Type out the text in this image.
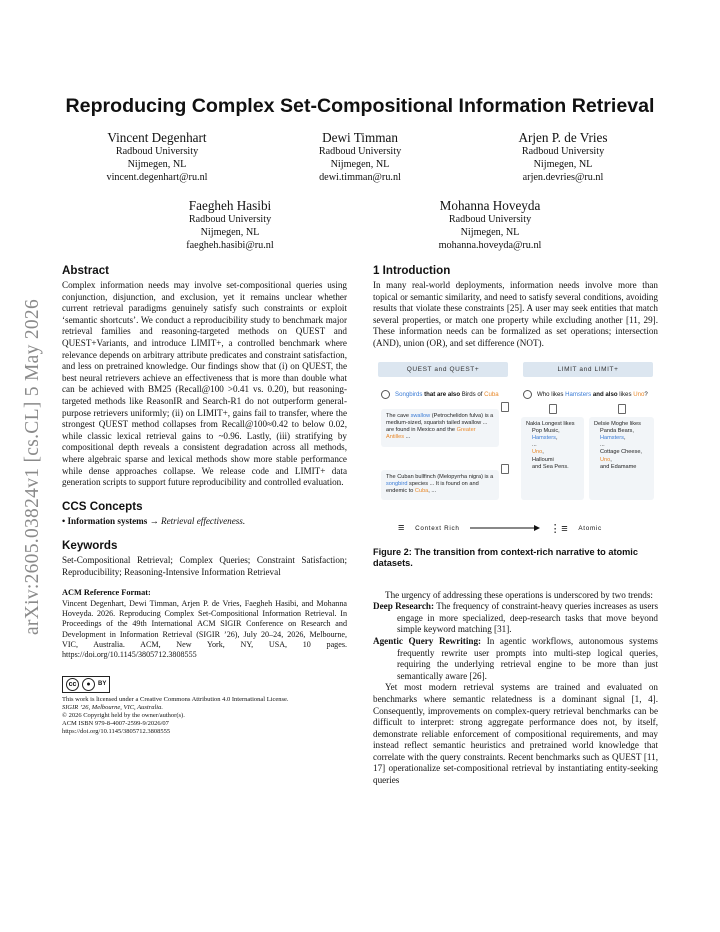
arXiv:2605.03824v1 [cs.CL] 5 May 2026
Reproducing Complex Set-Compositional Information Retrieval
Vincent Degenhart
Radboud University
Nijmegen, NL
vincent.degenhart@ru.nl
Dewi Timman
Radboud University
Nijmegen, NL
dewi.timman@ru.nl
Arjen P. de Vries
Radboud University
Nijmegen, NL
arjen.devries@ru.nl
Faegheh Hasibi
Radboud University
Nijmegen, NL
faegheh.hasibi@ru.nl
Mohanna Hoveyda
Radboud University
Nijmegen, NL
mohanna.hoveyda@ru.nl
Abstract

Complex information needs may involve set-compositional queries using conjunction, disjunction, and exclusion, yet it remains unclear whether current retrieval paradigms genuinely satisfy such constraints or exploit ‘semantic shortcuts’. We conduct a reproducibility study to benchmark major retrieval families and reasoning-targeted methods on QUEST and QUEST+Variants, and introduce LIMIT+, a controlled benchmark where relevance depends on arbitrary attribute predicates and constraint satisfaction, and less on pretrained knowledge. Our findings show that (i) on QUEST, the best neural retrievers achieve an effectiveness that is more than double what can be achieved with BM25 (Recall@100 >0.41 vs. 0.20), but reasoning-targeted methods like ReasonIR and Search-R1 do not outperform general-purpose retrievers uniformly; (ii) on LIMIT+, gains fail to transfer, where the strongest QUEST method collapses from Recall@100≈0.42 to below 0.02, while classic lexical retrieval gains to ~0.96. Lastly, (iii) stratifying by compositional depth reveals a consistent degradation across all methods, where algebraic sparse and lexical methods show more stable performance while dense approaches collapse. We release code and LIMIT+ data generation scripts to support future reproducibility and controlled evaluation.

CCS Concepts
• Information systems → Retrieval effectiveness.
Keywords

Set-Compositional Retrieval; Complex Queries; Constraint Satisfaction; Reproducibility; Reasoning-Intensive Information Retrieval

ACM Reference Format:
Vincent Degenhart, Dewi Timman, Arjen P. de Vries, Faegheh Hasibi, and Mohanna Hoveyda. 2026. Reproducing Complex Set-Compositional Information Retrieval. In Proceedings of the 49th International ACM SIGIR Conference on Research and Development in Information Retrieval (SIGIR ’26), July 20–24, 2026, Melbourne, VIC, Australia. ACM, New York, NY, USA, 10 pages. https://doi.org/10.1145/3805712.3808555
cc	●	BY
This work is licensed under a Creative Commons Attribution 4.0 International License.
SIGIR ’26, Melbourne, VIC, Australia.
© 2026 Copyright held by the owner/author(s).
ACM ISBN 979-8-4007-2599-9/2026/07
https://doi.org/10.1145/3805712.3808555
1 Introduction

In many real-world deployments, information needs involve more than topical or semantic similarity, and need to satisfy several conditions, avoiding results that violate these constraints [25]. A user may seek entities that match several properties, or match one property while excluding another [11, 29]. These information needs can be formalized as set operations; intersection (AND), union (OR), and set difference (NOT).

QUEST and QUEST+	LIMIT and LIMIT+
Songbirds that are also Birds of Cuba	Who likes Hamsters and also likes Uno?
The cave swallow (Petrochelidon fulva) is a medium-sized, squarish tailed swallow ... are found in Mexico and the Greater Antilles ...
The Cuban bullfinch (Melopyrrha nigra) is a songbird species ... It is found on and endemic to Cuba, ...
Nakia Longest likes
Pop Music,
Hamsters,
...
Uno,
Halloumi
and Sea Pens.
Delsie Moghe likes
Panda Bears,
Hamsters,
...
Cottage Cheese,
Uno,
and Edamame
≡ Context Rich	⋮≡ Atomic
Figure 2: The transition from context-rich narrative to atomic datasets.

The urgency of addressing these operations is underscored by two trends:

Deep Research: The frequency of constraint-heavy queries increases as users engage in more specialized, deep-research tasks that move beyond simple keyword matching [31].
Agentic Query Rewriting: In agentic workflows, autonomous systems frequently rewrite user prompts into multi-step logical queries, requiring the underlying retrieval engine to be more than just semantically aware [26].

Yet most modern retrieval systems are trained and evaluated on benchmarks where semantic relatedness is a dominant signal [1, 4]. Consequently, improvements on complex-query retrieval benchmarks can be difficult to interpret: strong aggregate performance does not, by itself, demonstrate reliable enforcement of compositional requirements, and may instead reflect semantic heuristics and pretrained world knowledge that correlate with the query constraints. Recent benchmarks such as QUEST [11, 17] operationalize set-compositional retrieval by instantiating entity-seeking queries
